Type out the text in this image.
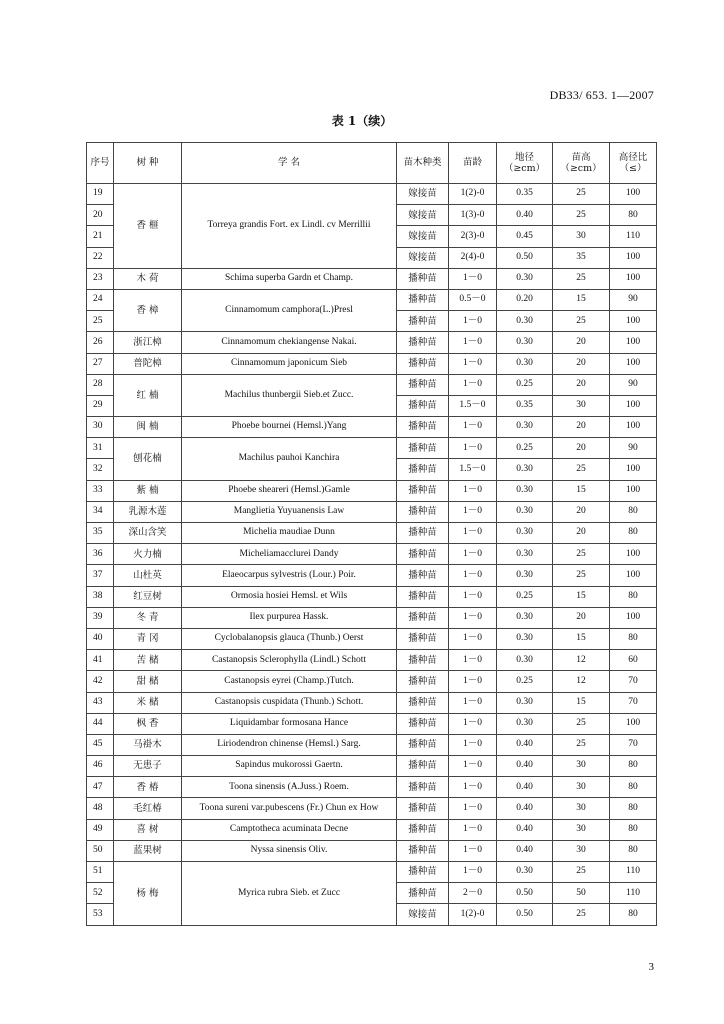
DB33/ 653. 1—2007
表 1（续）
序号	树 种	学 名	苗木种类	苗龄	地径（≥cm）	苗高（≥cm）	高径比（≤）
19	香 榧	Torreya grandis Fort. ex Lindl. cv Merrillii	嫁接苗	1(2)-0	0.35	25	100
20			嫁接苗	1(3)-0	0.40	25	80
21			嫁接苗	2(3)-0	0.45	30	110
22			嫁接苗	2(4)-0	0.50	35	100
23	木 荷	Schima superba Gardn et Champ.	播种苗	1－0	0.30	25	100
24	香 樟	Cinnamomum camphora(L.)Presl	播种苗	0.5－0	0.20	15	90
25			播种苗	1－0	0.30	25	100
26	浙江樟	Cinnamomum chekiangense Nakai.	播种苗	1－0	0.30	20	100
27	普陀樟	Cinnamomum japonicum Sieb	播种苗	1－0	0.30	20	100
28	红 楠	Machilus thunbergii Sieb.et Zucc.	播种苗	1－0	0.25	20	90
29			播种苗	1.5－0	0.35	30	100
30	闽 楠	Phoebe bournei (Hemsl.)Yang	播种苗	1－0	0.30	20	100
31	刨花楠	Machilus pauhoi Kanchira	播种苗	1－0	0.25	20	90
32			播种苗	1.5－0	0.30	25	100
33	紫 楠	Phoebe sheareri (Hemsl.)Gamle	播种苗	1－0	0.30	15	100
34	乳源木莲	Manglietia Yuyuanensis Law	播种苗	1－0	0.30	20	80
35	深山含笑	Michelia maudiae Dunn	播种苗	1－0	0.30	20	80
36	火力楠	Micheliamacclurei Dandy	播种苗	1－0	0.30	25	100
37	山杜英	Elaeocarpus sylvestris (Lour.) Poir.	播种苗	1－0	0.30	25	100
38	红豆树	Ormosia hosiei Hemsl. et Wils	播种苗	1－0	0.25	15	80
39	冬 青	Ilex purpurea Hassk.	播种苗	1－0	0.30	20	100
40	青 冈	Cyclobalanopsis glauca (Thunb.) Oerst	播种苗	1－0	0.30	15	80
41	苦 槠	Castanopsis Sclerophylla (Lindl.) Schott	播种苗	1－0	0.30	12	60
42	甜 槠	Castanopsis eyrei (Champ.)Tutch.	播种苗	1－0	0.25	12	70
43	米 槠	Castanopsis cuspidata (Thunb.) Schott.	播种苗	1－0	0.30	15	70
44	枫 香	Liquidambar formosana Hance	播种苗	1－0	0.30	25	100
45	马褂木	Liriodendron chinense (Hemsl.) Sarg.	播种苗	1－0	0.40	25	70
46	无患子	Sapindus mukorossi Gaertn.	播种苗	1－0	0.40	30	80
47	香 椿	Toona sinensis (A.Juss.) Roem.	播种苗	1－0	0.40	30	80
48	毛红椿	Toona sureni var.pubescens (Fr.) Chun ex How	播种苗	1－0	0.40	30	80
49	喜 树	Camptotheca acuminata Decne	播种苗	1－0	0.40	30	80
50	蓝果树	Nyssa sinensis Oliv.	播种苗	1－0	0.40	30	80
51	杨 梅	Myrica rubra Sieb. et Zucc	播种苗	1－0	0.30	25	110
52			播种苗	2－0	0.50	50	110
53			嫁接苗	1(2)-0	0.50	25	80
3
